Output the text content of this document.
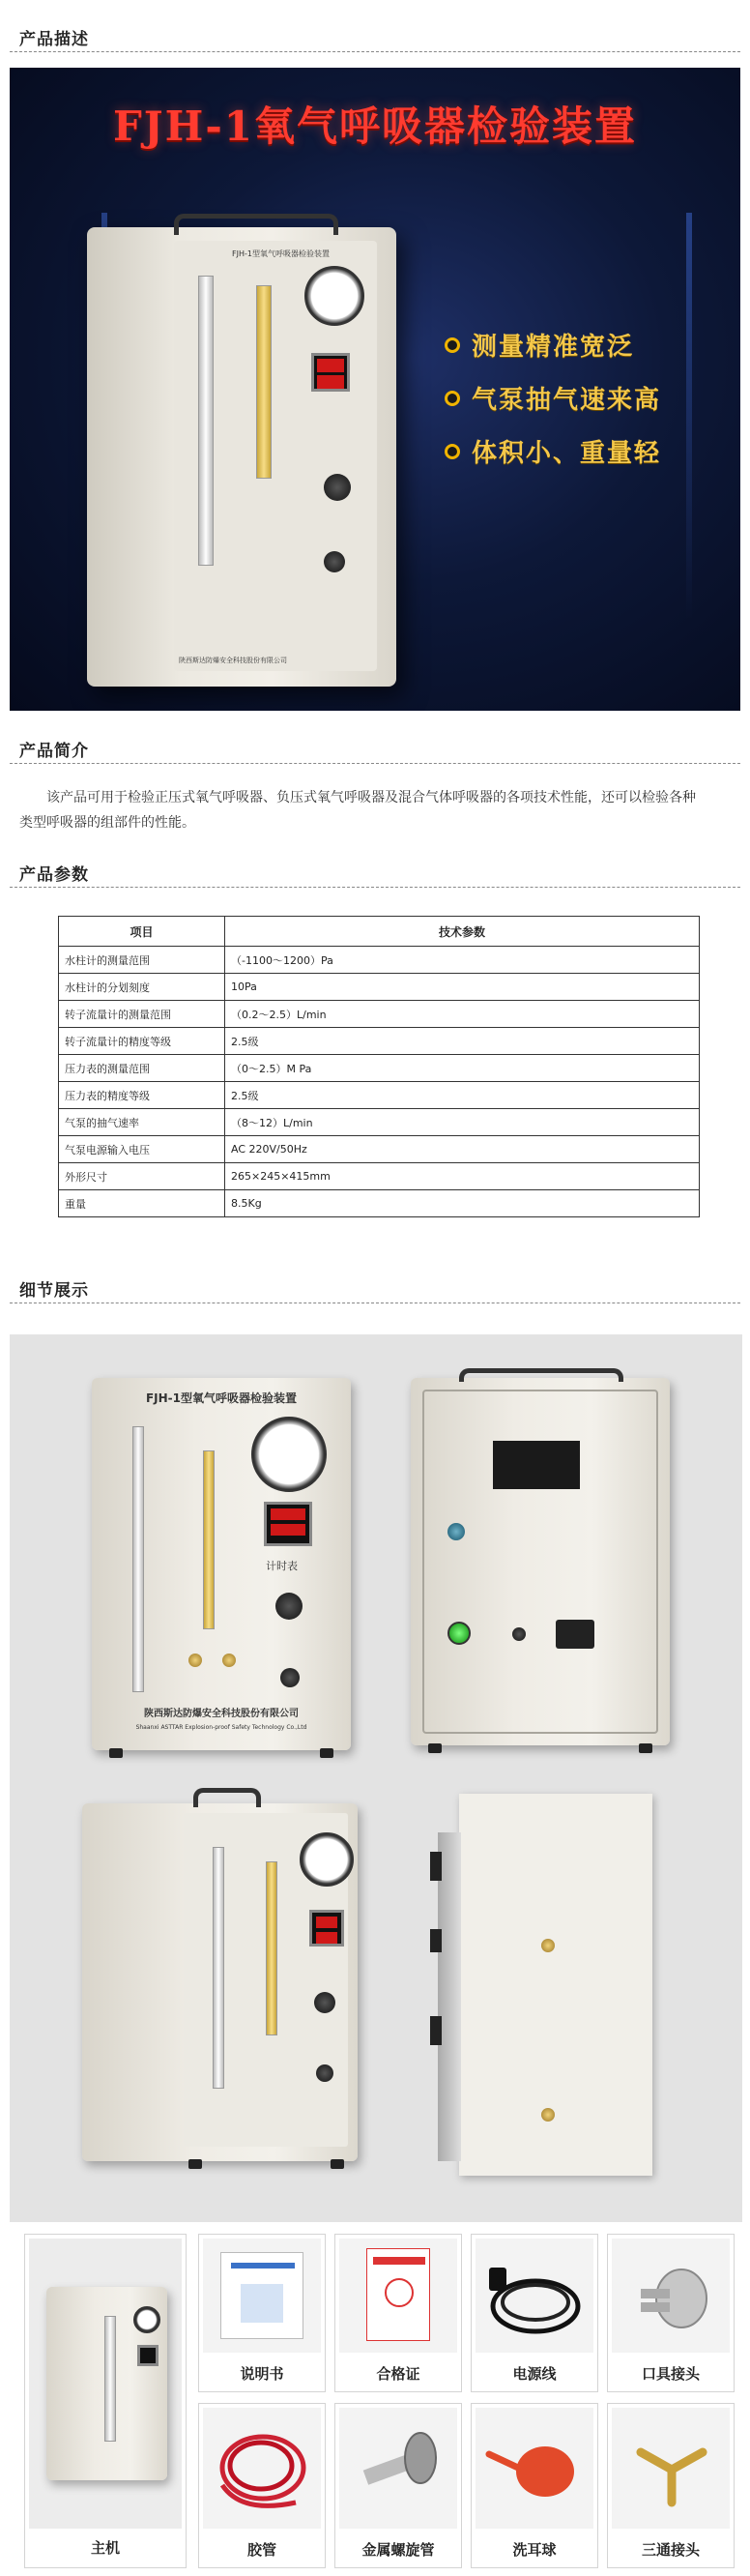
产品描述
FJH-1氧气呼吸器检验装置
FJH-1型氧气呼吸器检验装置
陕西斯达防爆安全科技股份有限公司
测量精准宽泛
气泵抽气速来高
体积小、重量轻
产品简介
该产品可用于检验正压式氧气呼吸器、负压式氧气呼吸器及混合气体呼吸器的各项技术性能，还可以检验各种类型呼吸器的组部件的性能。
产品参数
项目	技术参数
水柱计的测量范围	（-1100～1200）Pa
水柱计的分划刻度	10Pa
转子流量计的测量范围	（0.2～2.5）L/min
转子流量计的精度等级	2.5级
压力表的测量范围	（0～2.5）M Pa
压力表的精度等级	2.5级
气泵的抽气速率	（8～12）L/min
气泵电源输入电压	AC 220V/50Hz
外形尺寸	265×245×415mm
重量	8.5Kg
细节展示
FJH-1型氧气呼吸器检验装置
计时表
陕西斯达防爆安全科技股份有限公司
Shaanxi ASTTAR Explosion-proof Safety Technology Co.,Ltd
主机
说明书	合格证	电源线	口具接头
胶管	金属螺旋管	洗耳球	三通接头
